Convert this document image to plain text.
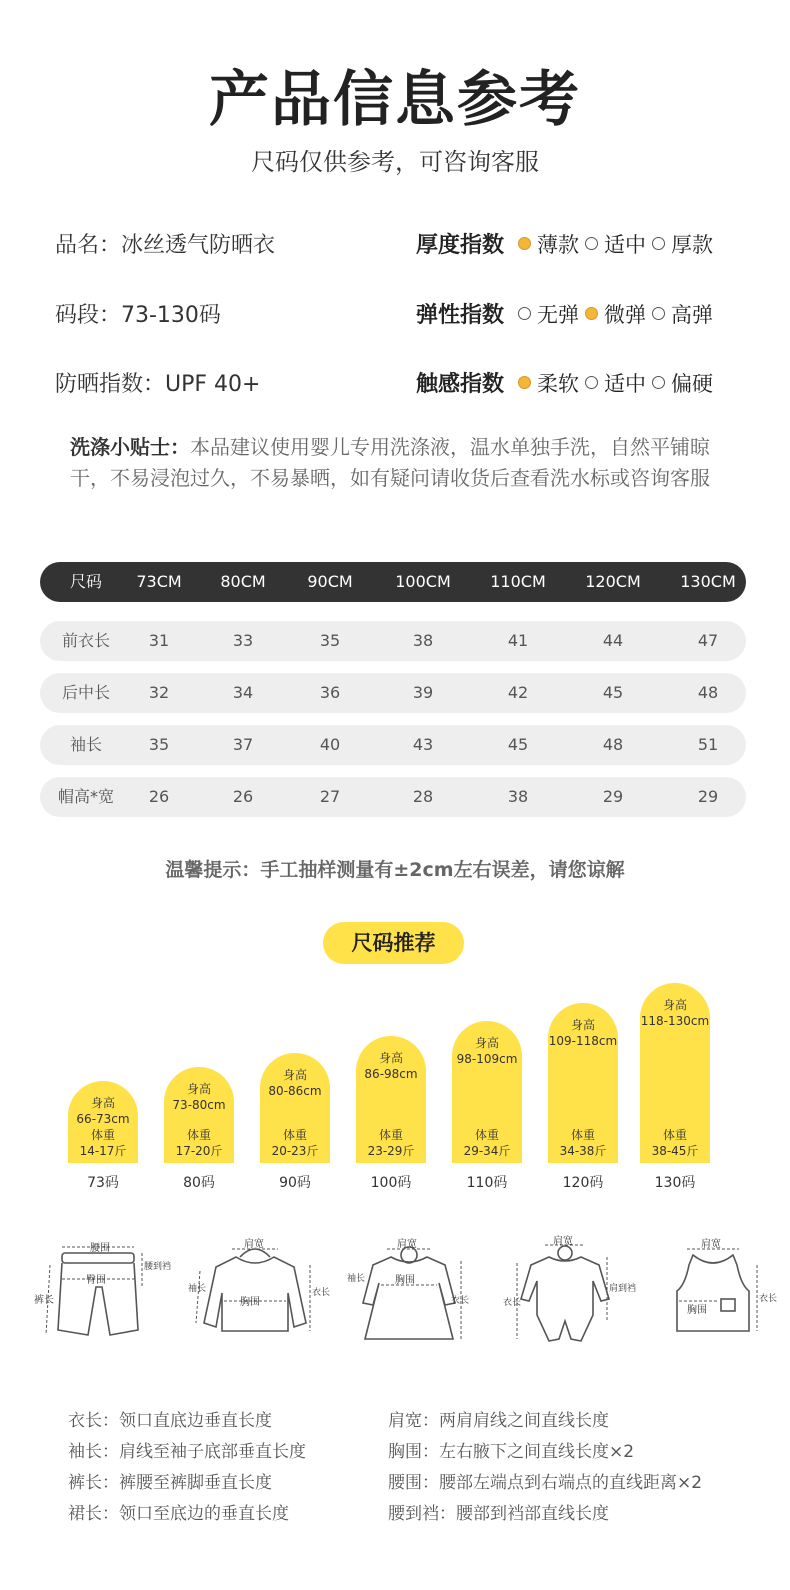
产品信息参考
尺码仅供参考，可咨询客服
品名：冰丝透气防晒衣
码段：73-130码
防晒指数：UPF 40+
厚度指数 薄款 适中 厚款
弹性指数 无弹 微弹 高弹
触感指数 柔软 适中 偏硬
洗涤小贴士：本品建议使用婴儿专用洗涤液，温水单独手洗，自然平铺晾干，不易浸泡过久，不易暴晒，如有疑问请收货后查看洗水标或咨询客服
尺码	73CM	80CM	90CM	100CM	110CM	120CM	130CM
前衣长	31	33	35	38	41	44	47
后中长	32	34	36	39	42	45	48
袖长	35	37	40	43	45	48	51
帽高*宽	26	26	27	28	38	29	29
温馨提示：手工抽样测量有±2cm左右误差，请您谅解
尺码推荐
身高
66-73cm
体重
14-17斤
73码
身高
73-80cm
体重
17-20斤
80码
身高
80-86cm
体重
20-23斤
90码
身高
86-98cm
体重
23-29斤
100码
身高
98-109cm
体重
29-34斤
110码
身高
109-118cm
体重
34-38斤
120码
身高
118-130cm
体重
38-45斤
130码
腰围
臀围
裤长
腰到裆
肩宽
胸围
衣长
袖长
肩宽
胸围
衣长
袖长
肩宽
衣长
肩到裆
肩宽
胸围
衣长
衣长：领口直底边垂直长度
袖长：肩线至袖子底部垂直长度
裤长：裤腰至裤脚垂直长度
裙长：领口至底边的垂直长度
肩宽：两肩肩线之间直线长度
胸围：左右腋下之间直线长度×2
腰围：腰部左端点到右端点的直线距离×2
腰到裆：腰部到裆部直线长度
